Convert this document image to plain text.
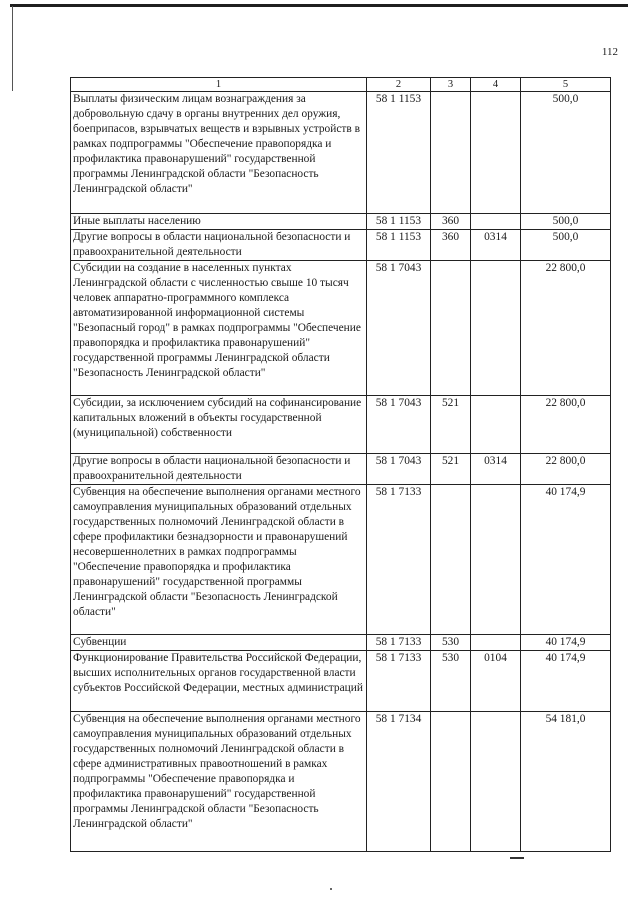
112
1	2	3	4	5
Выплаты физическим лицам вознаграждения за добровольную сдачу в органы внутренних дел оружия, боеприпасов, взрывчатых веществ и взрывных устройств в рамках подпрограммы "Обеспечение правопорядка и профилактика правонарушений" государственной программы Ленинградской области "Безопасность Ленинградской области"	58 1 1153			500,0
Иные выплаты населению	58 1 1153	360		500,0
Другие вопросы в области национальной безопасности и правоохранительной деятельности	58 1 1153	360	0314	500,0
Субсидии на создание в населенных пунктах Ленинградской области с численностью свыше 10 тысяч человек аппаратно-программного комплекса автоматизированной информационной системы "Безопасный город" в рамках подпрограммы "Обеспечение правопорядка и профилактика правонарушений" государственной программы Ленинградской области "Безопасность Ленинградской области"	58 1 7043			22 800,0
Субсидии, за исключением субсидий на софинансирование капитальных вложений в объекты государственной (муниципальной) собственности	58 1 7043	521		22 800,0
Другие вопросы в области национальной безопасности и правоохранительной деятельности	58 1 7043	521	0314	22 800,0
Субвенция на обеспечение выполнения органами местного самоуправления муниципальных образований отдельных государственных полномочий Ленинградской области в сфере профилактики безнадзорности и правонарушений несовершеннолетних в рамках подпрограммы "Обеспечение правопорядка и профилактика правонарушений" государственной программы Ленинградской области "Безопасность Ленинградской области"	58 1 7133			40 174,9
Субвенции	58 1 7133	530		40 174,9
Функционирование Правительства Российской Федерации, высших исполнительных органов государственной власти субъектов Российской Федерации, местных администраций	58 1 7133	530	0104	40 174,9
Субвенция на обеспечение выполнения органами местного самоуправления муниципальных образований отдельных государственных полномочий Ленинградской области в сфере административных правоотношений в рамках подпрограммы "Обеспечение правопорядка и профилактика правонарушений" государственной программы Ленинградской области "Безопасность Ленинградской области"	58 1 7134			54 181,0
